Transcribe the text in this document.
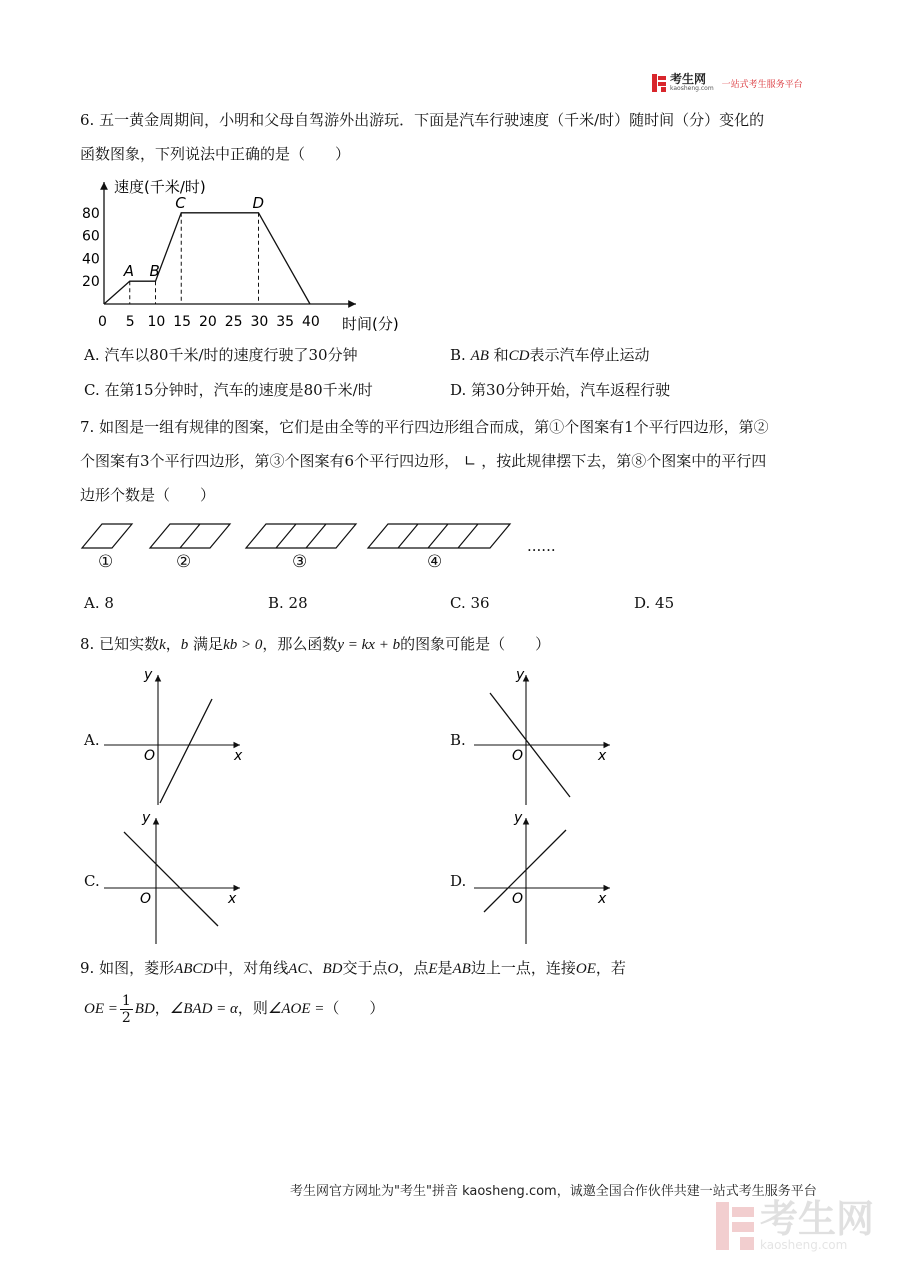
考生网
kaosheng.com 一站式考生服务平台
6. 五一黄金周期间，小明和父母自驾游外出游玩．下面是汽车行驶速度（千米/时）随时间（分）变化的
函数图象，下列说法中正确的是（　　）
0 5 10 15 20 25 30 35 40
20
40
60
80
A B
C	D
速度(千米/时)
时间(分)
A. 汽车以80千米/时的速度行驶了30分钟	B. AB 和CD表示汽车停止运动
C. 在第15分钟时，汽车的速度是80千米/时	D. 第30分钟开始，汽车返程行驶
7. 如图是一组有规律的图案，它们是由全等的平行四边形组合而成，第①个图案有1个平行四边形，第②
个图案有3个平行四边形，第③个图案有6个平行四边形， ∟ ，按此规律摆下去，第⑧个图案中的平行四
边形个数是（　　）
......
①	②	③	④
A. 8	B. 28	C. 36	D. 45
8. 已知实数k，b 满足kb > 0，那么函数y = kx + b的图象可能是（　　）
A.
y
x
O
B.
y
x
O
C.
y
x
O
D.
y
x
O
9. 如图，菱形ABCD中，对角线AC、BD交于点O，点E是AB边上一点，连接OE，若
OE = $\frac{1}{2}$ BD，∠BAD = α，则∠AOE =（　　）
考生网官方网址为"考生"拼音 kaosheng.com，诚邀全国合作伙伴共建一站式考生服务平台
考生网
kaosheng.com
